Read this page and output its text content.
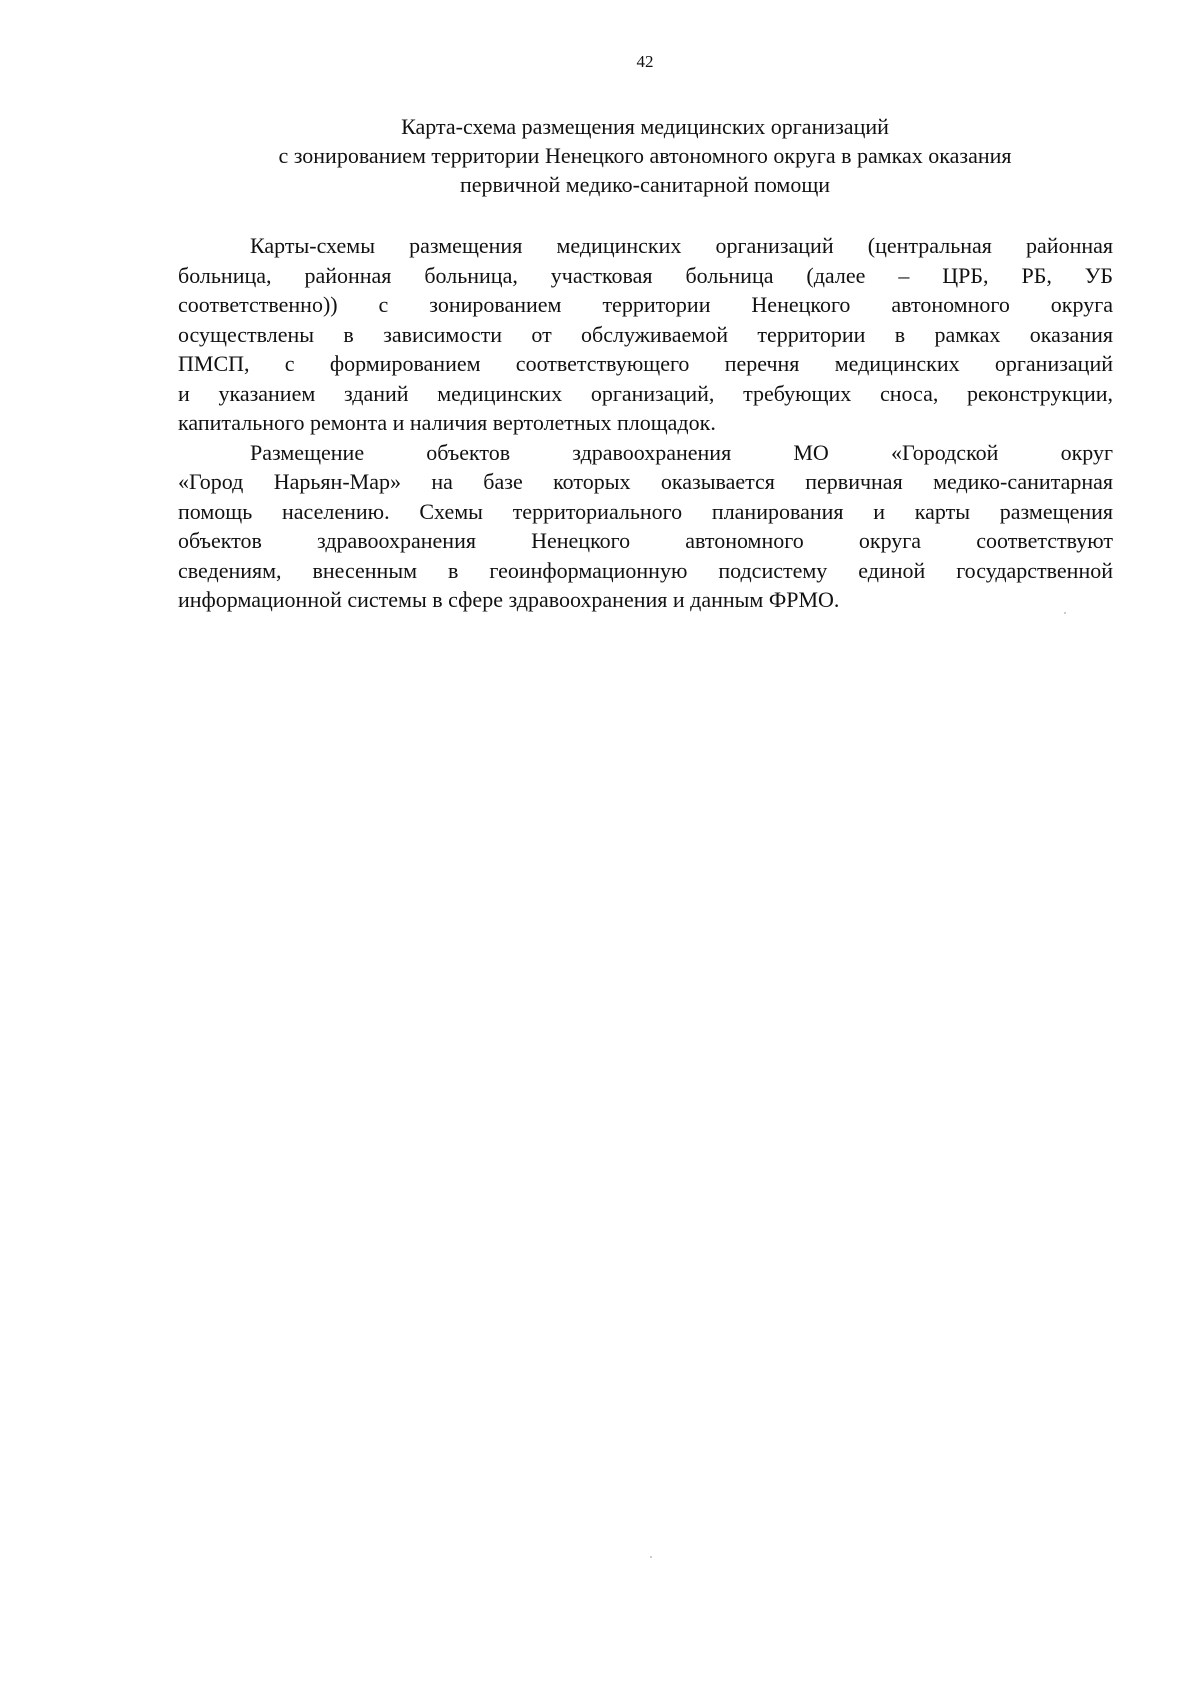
42
Карта-схема размещения медицинских организаций
с зонированием территории Ненецкого автономного округа в рамках оказания
первичной медико-санитарной помощи
Карты-схемы размещения медицинских организаций (центральная районная
больница, районная больница, участковая больница (далее – ЦРБ, РБ, УБ
соответственно)) с зонированием территории Ненецкого автономного округа
осуществлены в зависимости от обслуживаемой территории в рамках оказания
ПМСП, с формированием соответствующего перечня медицинских организаций
и указанием зданий медицинских организаций, требующих сноса, реконструкции,
капитального ремонта и наличия вертолетных площадок.
Размещение объектов здравоохранения МО «Городской округ
«Город Нарьян-Мар» на базе которых оказывается первичная медико-санитарная
помощь населению. Схемы территориального планирования и карты размещения
объектов здравоохранения Ненецкого автономного округа соответствуют
сведениям, внесенным в геоинформационную подсистему единой государственной
информационной системы в сфере здравоохранения и данным ФРМО.
